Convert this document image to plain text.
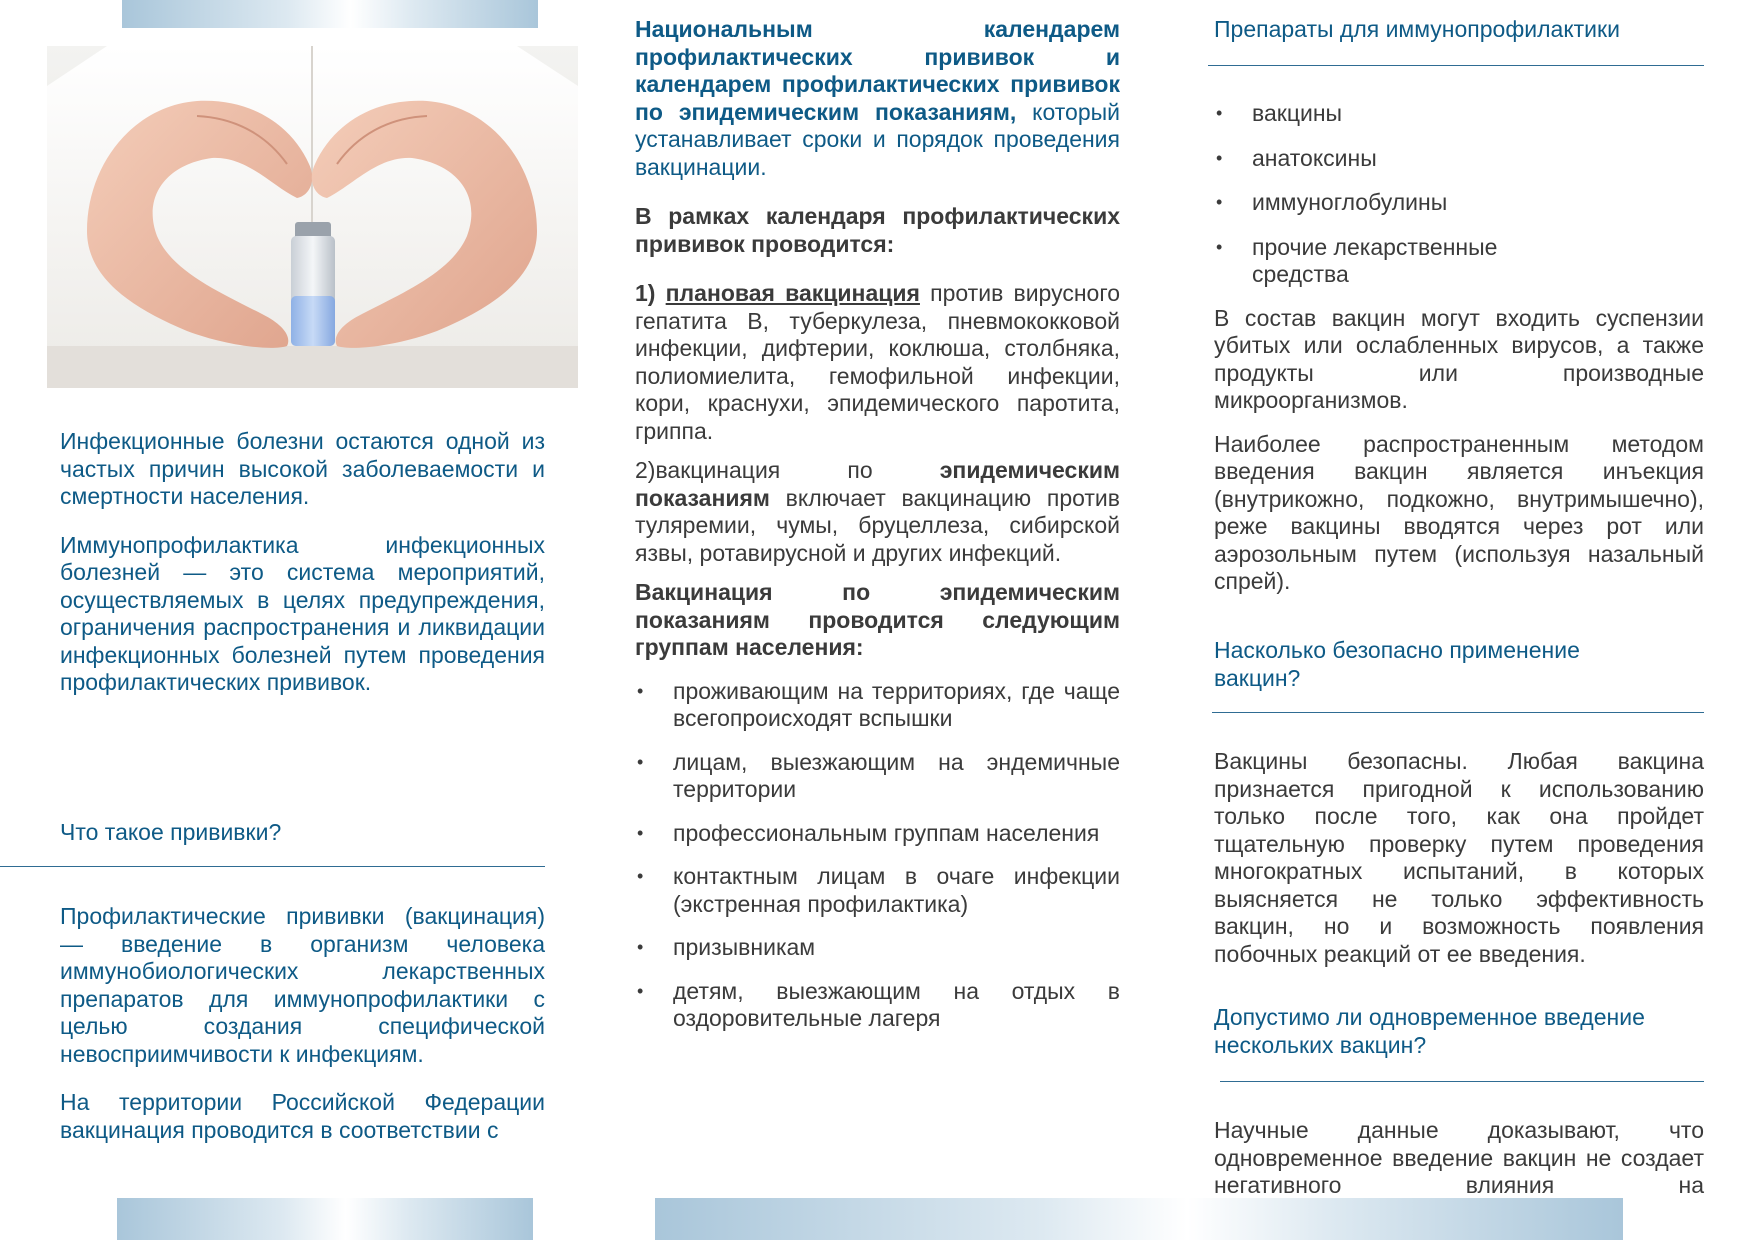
Инфекционные болезни остаются одной из частых причин высокой заболеваемости и смертности населения.

Иммунопрофилактика инфекционных болезней — это система мероприятий, осуществляемых в целях предупреждения, ограничения распространения и ликвидации инфекционных болезней путем проведения профилактических прививок.

Что такое прививки?

Профилактические прививки (вакцинация) — введение в организм человека иммунобиологических лекарственных препаратов для иммунопрофилактики с целью создания специфической невосприимчивости к инфекциям.

На территории Российской Федерации вакцинация проводится в соответствии с

Национальным календарем профилактических прививок и календарем профилактических прививок по эпидемическим показаниям, который устанавливает сроки и порядок проведения вакцинации.

В рамках календаря профилактических прививок проводится:

1) плановая вакцинация против вирусного гепатита В, туберкулеза, пневмококковой инфекции, дифтерии, коклюша, столбняка, полиомиелита, гемофильной инфекции, кори, краснухи, эпидемического паротита, гриппа.

2)вакцинация по эпидемическим показаниям включает вакцинацию против туляремии, чумы, бруцеллеза, сибирской язвы, ротавирусной и других инфекций.

Вакцинация по эпидемическим показаниям проводится следующим группам населения:

• проживающим на территориях, где чаще всегопроисходят вспышки
• лицам, выезжающим на эндемичные территории
• профессиональным группам населения
• контактным лицам в очаге инфекции (экстренная профилактика)
• призывникам
• детям, выезжающим на отдых в оздоровительные лагеря
Препараты для иммунопрофилактики
• вакцины
• анатоксины
• иммуноглобулины
• прочие лекарственные средства

В состав вакцин могут входить суспензии убитых или ослабленных вирусов, а также продукты или производные микроорганизмов.

Наиболее распространенным методом введения вакцин является инъекция (внутрикожно, подкожно, внутримышечно), реже вакцины вводятся через рот или аэрозольным путем (используя назальный спрей).

Насколько безопасно применение вакцин?

Вакцины безопасны. Любая вакцина признается пригодной к использованию только после того, как она пройдет тщательную проверку путем проведения многократных испытаний, в которых выясняется не только эффективность вакцин, но и возможность появления побочных реакций от ее введения.

Допустимо ли одновременное введение нескольких вакцин?

Научные данные доказывают, что одновременное введение вакцин не создает негативного влияния на
